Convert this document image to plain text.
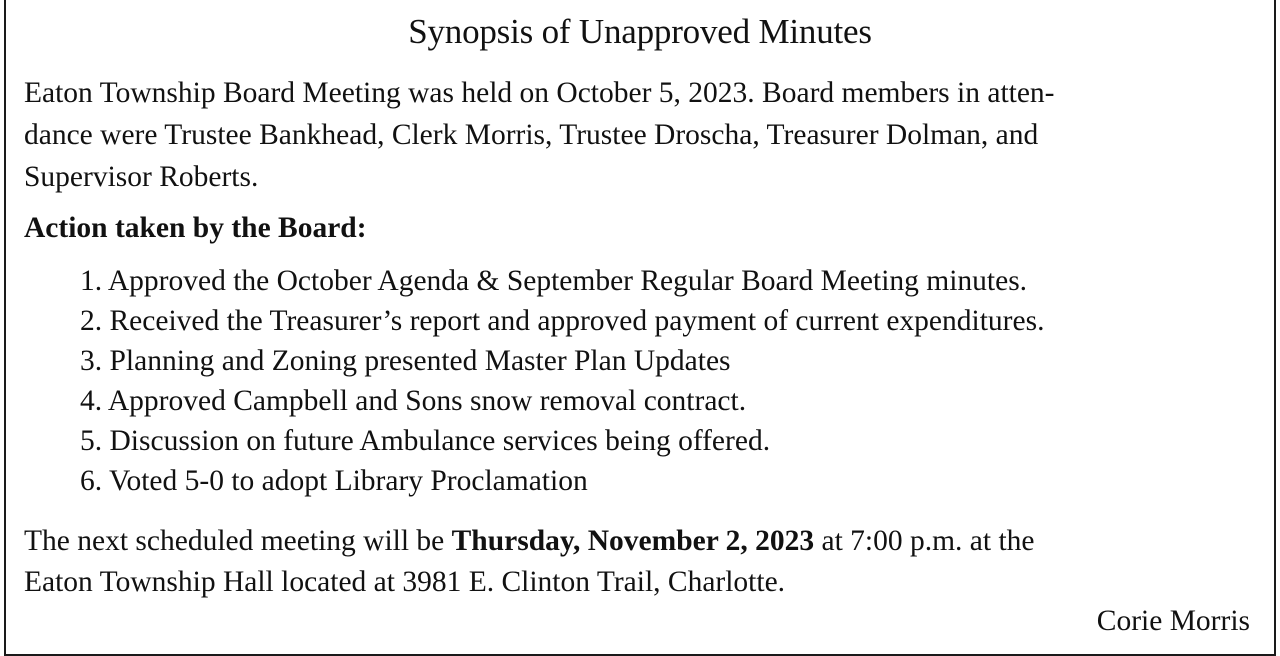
Synopsis of Unapproved Minutes

Eaton Township Board Meeting was held on October 5, 2023. Board members in atten-
dance were Trustee Bankhead, Clerk Morris, Trustee Droscha, Treasurer Dolman, and
Supervisor Roberts.

Action taken by the Board:

1. Approved the October Agenda & September Regular Board Meeting minutes.
2. Received the Treasurer’s report and approved payment of current expenditures.
3. Planning and Zoning presented Master Plan Updates
4. Approved Campbell and Sons snow removal contract.
5. Discussion on future Ambulance services being offered.
6. Voted 5-0 to adopt Library Proclamation

The next scheduled meeting will be Thursday, November 2, 2023 at 7:00 p.m. at the
Eaton Township Hall located at 3981 E. Clinton Trail, Charlotte.

Corie Morris
